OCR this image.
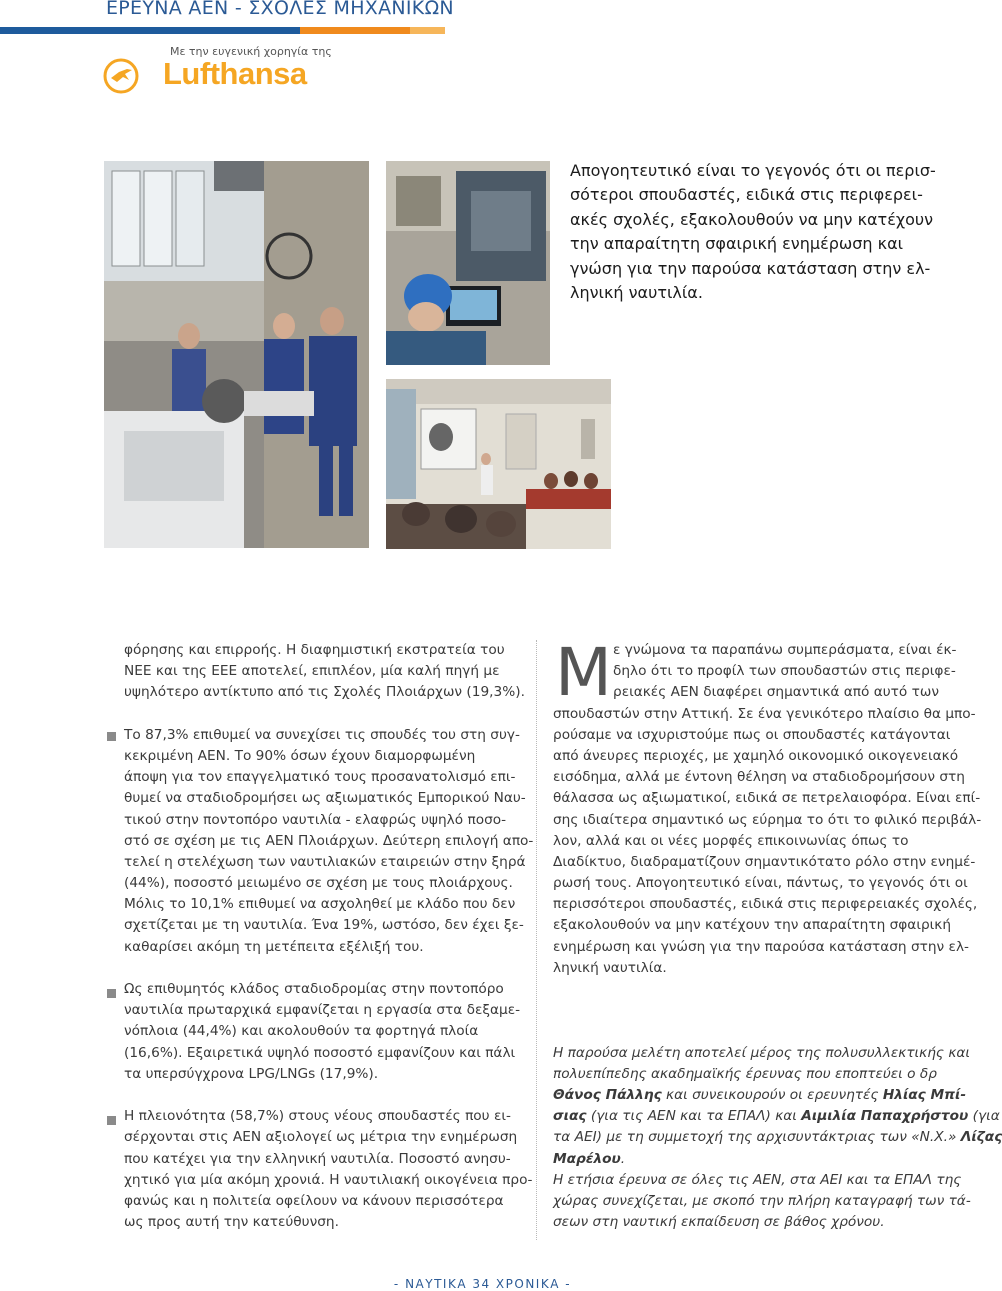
ΕΡΕΥΝΑ ΑΕΝ - ΣΧΟΛΕΣ ΜΗΧΑΝΙΚΩΝ
Με την ευγενική χορηγία της
Lufthansa
Απογοητευτικό είναι το γεγονός ότι οι περισ-
σότεροι σπουδαστές, ειδικά στις περιφερει-
ακές σχολές, εξακολουθούν να μην κατέχουν
την απαραίτητη σφαιρική ενημέρωση και
γνώση για την παρούσα κατάσταση στην ελ-
ληνική ναυτιλία.
φόρησης και επιρροής. Η διαφημιστική εκστρατεία του
ΝΕΕ και της ΕΕΕ αποτελεί, επιπλέον, μία καλή πηγή με
υψηλότερο αντίκτυπο από τις Σχολές Πλοιάρχων (19,3%).
Το 87,3% επιθυμεί να συνεχίσει τις σπουδές του στη συγ-
κεκριμένη ΑΕΝ. Το 90% όσων έχουν διαμορφωμένη
άποψη για τον επαγγελματικό τους προσανατολισμό επι-
θυμεί να σταδιοδρομήσει ως αξιωματικός Εμπορικού Ναυ-
τικού στην ποντοπόρο ναυτιλία - ελαφρώς υψηλό ποσο-
στό σε σχέση με τις ΑΕΝ Πλοιάρχων. Δεύτερη επιλογή απο-
τελεί η στελέχωση των ναυτιλιακών εταιρειών στην ξηρά
(44%), ποσοστό μειωμένο σε σχέση με τους πλοιάρχους.
Μόλις το 10,1% επιθυμεί να ασχοληθεί με κλάδο που δεν
σχετίζεται με τη ναυτιλία. Ένα 19%, ωστόσο, δεν έχει ξε-
καθαρίσει ακόμη τη μετέπειτα εξέλιξή του.
Ως επιθυμητός κλάδος σταδιοδρομίας στην ποντοπόρο
ναυτιλία πρωταρχικά εμφανίζεται η εργασία στα δεξαμε-
νόπλοια (44,4%) και ακολουθούν τα φορτηγά πλοία
(16,6%). Εξαιρετικά υψηλό ποσοστό εμφανίζουν και πάλι
τα υπερσύγχρονα LPG/LNGs (17,9%).
Η πλειονότητα (58,7%) στους νέους σπουδαστές που ει-
σέρχονται στις ΑΕΝ αξιολογεί ως μέτρια την ενημέρωση
που κατέχει για την ελληνική ναυτιλία. Ποσοστό ανησυ-
χητικό για μία ακόμη χρονιά. Η ναυτιλιακή οικογένεια προ-
φανώς και η πολιτεία οφείλουν να κάνουν περισσότερα
ως προς αυτή την κατεύθυνση.
Μ ε γνώμονα τα παραπάνω συμπεράσματα, είναι έκ-
δηλο ότι το προφίλ των σπουδαστών στις περιφε-
ρειακές ΑΕΝ διαφέρει σημαντικά από αυτό των
σπουδαστών στην Αττική. Σε ένα γενικότερο πλαίσιο θα μπο-
ρούσαμε να ισχυριστούμε πως οι σπουδαστές κατάγονται
από άνευρες περιοχές, με χαμηλό οικονομικό οικογενειακό
εισόδημα, αλλά με έντονη θέληση να σταδιοδρομήσουν στη
θάλασσα ως αξιωματικοί, ειδικά σε πετρελαιοφόρα. Είναι επί-
σης ιδιαίτερα σημαντικό ως εύρημα το ότι το φιλικό περιβάλ-
λον, αλλά και οι νέες μορφές επικοινωνίας όπως το
Διαδίκτυο, διαδραματίζουν σημαντικότατο ρόλο στην ενημέ-
ρωσή τους. Απογοητευτικό είναι, πάντως, το γεγονός ότι οι
περισσότεροι σπουδαστές, ειδικά στις περιφερειακές σχολές,
εξακολουθούν να μην κατέχουν την απαραίτητη σφαιρική
ενημέρωση και γνώση για την παρούσα κατάσταση στην ελ-
ληνική ναυτιλία.
Η παρούσα μελέτη αποτελεί μέρος της πολυσυλλεκτικής και
πολυεπίπεδης ακαδημαϊκής έρευνας που εποπτεύει ο δρ
Θάνος Πάλλης και συνεικουρούν οι ερευνητές Ηλίας Μπί-
σιας (για τις ΑΕΝ και τα ΕΠΑΛ) και Αιμιλία Παπαχρήστου (για
τα ΑΕΙ) με τη συμμετοχή της αρχισυντάκτριας των «Ν.Χ.» Λίζας
Μαρέλου.
Η ετήσια έρευνα σε όλες τις ΑΕΝ, στα ΑΕΙ και τα ΕΠΑΛ της
χώρας συνεχίζεται, με σκοπό την πλήρη καταγραφή των τά-
σεων στη ναυτική εκπαίδευση σε βάθος χρόνου.
- ΝΑΥΤΙΚΑ 34 ΧΡΟΝΙΚΑ -
